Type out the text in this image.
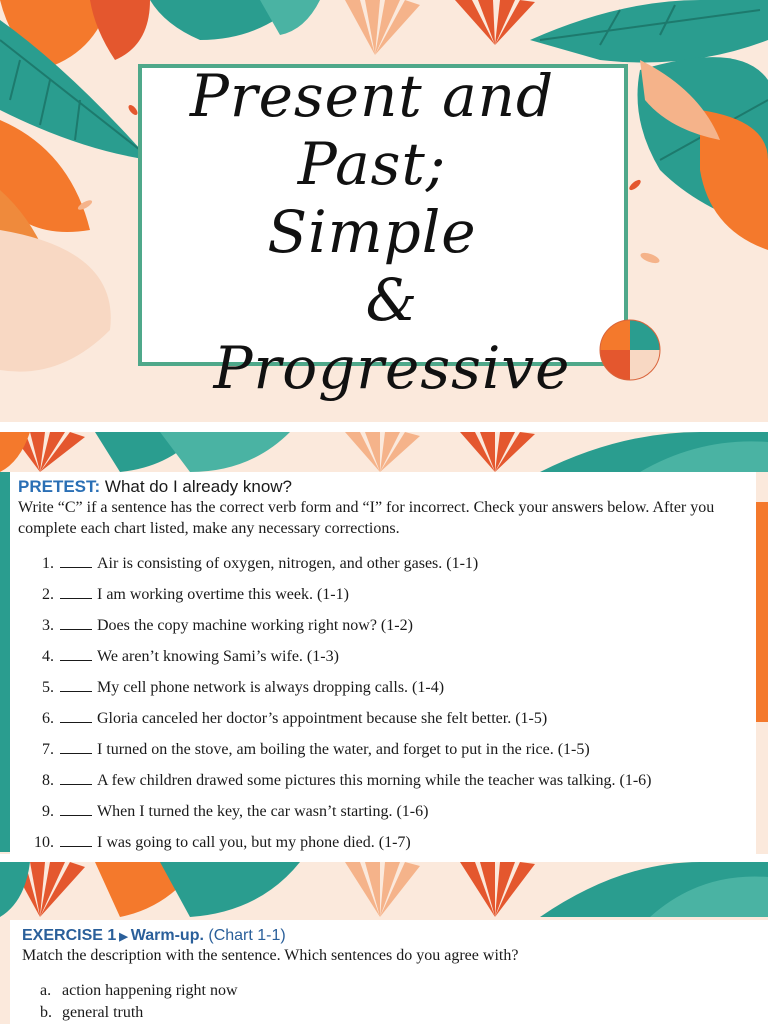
Present and
Past;
Simple
& Progressive
PRETEST: What do I already know?

Write “C” if a sentence has the correct verb form and “I” for incorrect. Check your answers below. After you complete each chart listed, make any necessary corrections.

1.	Air is consisting of oxygen, nitrogen, and other gases. (1-1)
2.	I am working overtime this week. (1-1)
3.	Does the copy machine working right now? (1-2)
4.	We aren’t knowing Sami’s wife. (1-3)
5.	My cell phone network is always dropping calls. (1-4)
6.	Gloria canceled her doctor’s appointment because she felt better. (1-5)
7.	I turned on the stove, am boiling the water, and forget to put in the rice. (1-5)
8.	A few children drawed some pictures this morning while the teacher was talking. (1-6)
9.	When I turned the key, the car wasn’t starting. (1-6)
10.	I was going to call you, but my phone died. (1-7)
EXERCISE 1 ▶ Warm-up. (Chart 1-1)

Match the description with the sentence. Which sentences do you agree with?

a. action happening right now
b. general truth
